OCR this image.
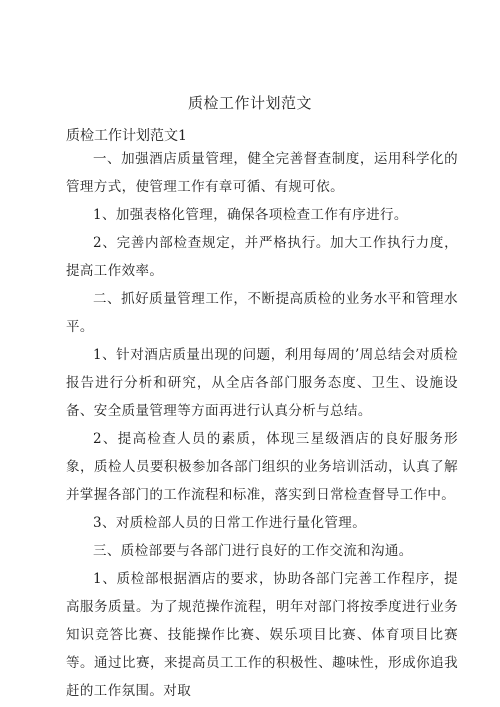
质检工作计划范文
质检工作计划范文1

一、加强酒店质量管理，健全完善督查制度，运用科学化的管理方式，使管理工作有章可循、有规可依。

1、加强表格化管理，确保各项检查工作有序进行。

2、完善内部检查规定，并严格执行。加大工作执行力度，提高工作效率。

二、抓好质量管理工作，不断提高质检的业务水平和管理水平。

1、针对酒店质量出现的问题，利用每周的’周总结会对质检报告进行分析和研究，从全店各部门服务态度、卫生、设施设备、安全质量管理等方面再进行认真分析与总结。

2、提高检查人员的素质，体现三星级酒店的良好服务形象，质检人员要积极参加各部门组织的业务培训活动，认真了解并掌握各部门的工作流程和标准，落实到日常检查督导工作中。

3、对质检部人员的日常工作进行量化管理。

三、质检部要与各部门进行良好的工作交流和沟通。

1、质检部根据酒店的要求，协助各部门完善工作程序，提高服务质量。为了规范操作流程，明年对部门将按季度进行业务知识竞答比赛、技能操作比赛、娱乐项目比赛、体育项目比赛等。通过比赛，来提高员工工作的积极性、趣味性，形成你追我赶的工作氛围。对取
